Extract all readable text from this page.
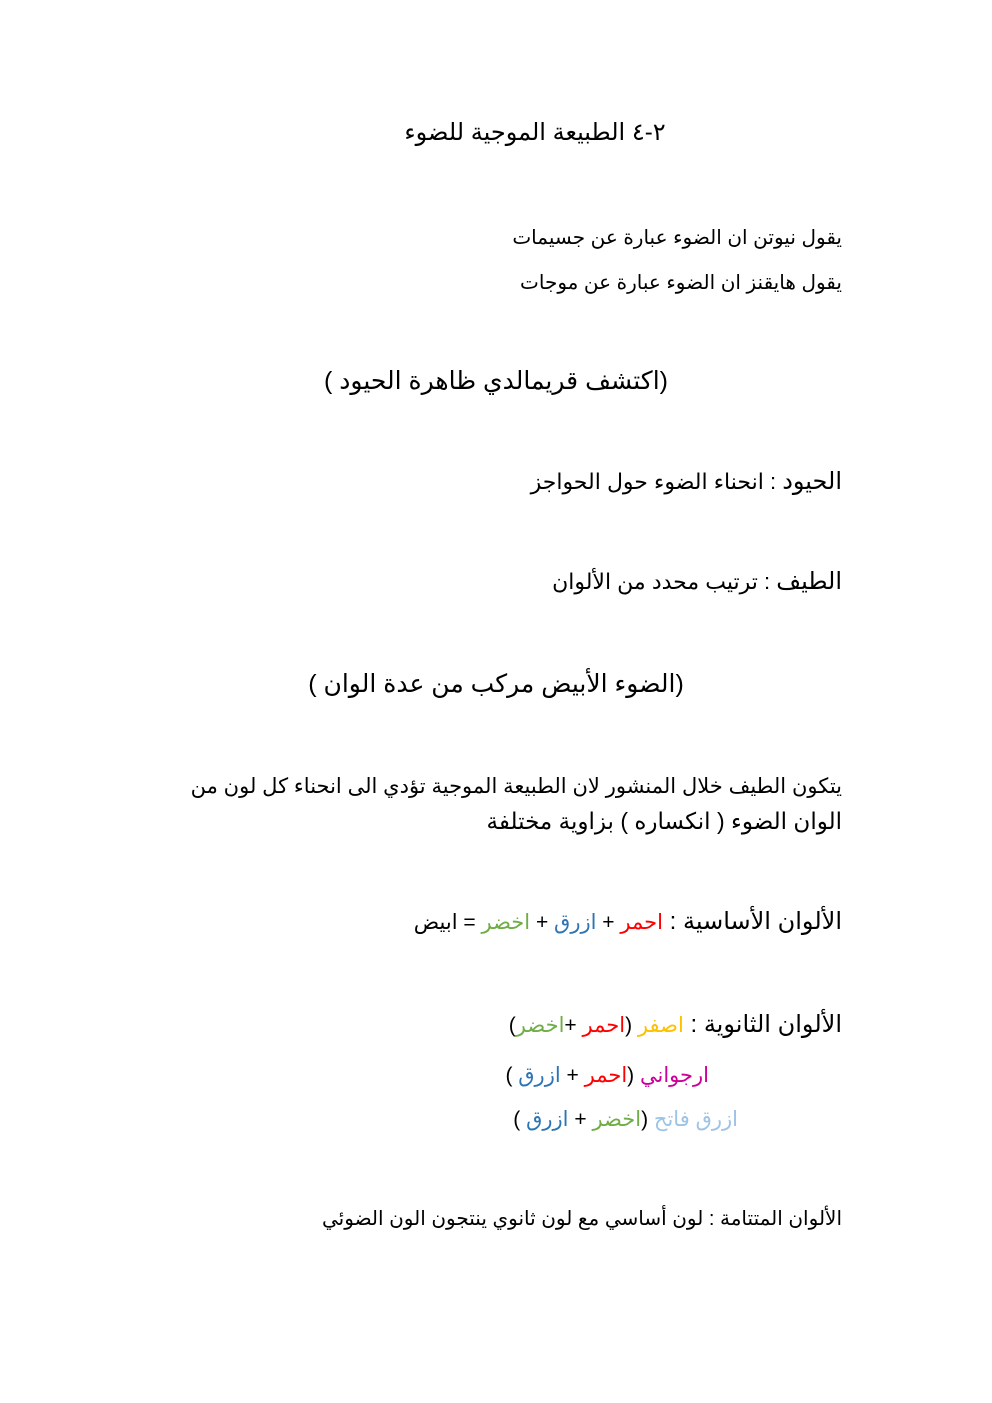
٢-٤ الطبيعة الموجية للضوء
يقول نيوتن ان الضوء عبارة عن جسيمات
يقول هايقنز ان الضوء عبارة عن موجات
(اكتشف قريمالدي ظاهرة الحيود )
الحيود : انحناء الضوء حول الحواجز
الطيف : ترتيب محدد من الألوان
(الضوء الأبيض مركب من عدة الوان )
يتكون الطيف خلال المنشور لان الطبيعة الموجية تؤدي الى انحناء كل لون من
الوان الضوء ( انكساره ) بزاوية مختلفة
الألوان الأساسية : احمر + ازرق + اخضر = ابيض
الألوان الثانوية : اصفر (احمر +اخضر)
ارجواني (احمر + ازرق )
ازرق فاتح (اخضر + ازرق )
الألوان المتتامة : لون أساسي مع لون ثانوي ينتجون الون الضوئي
